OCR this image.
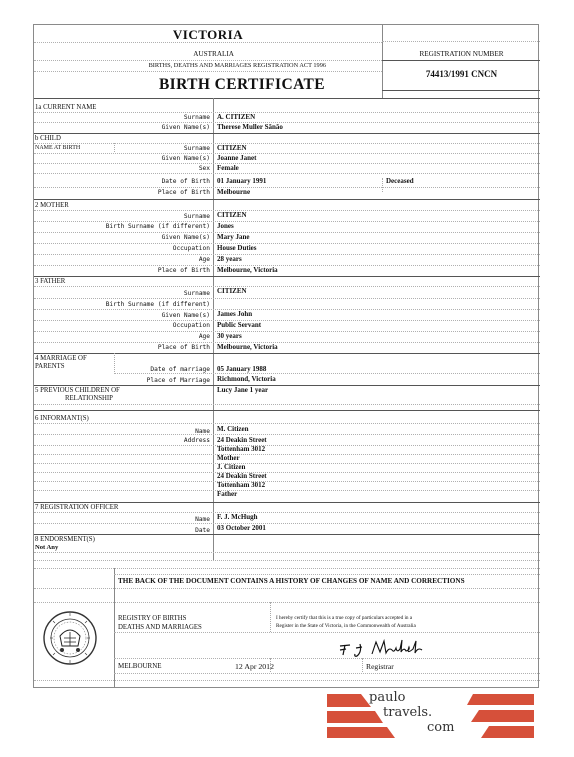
VICTORIA
AUSTRALIA
BIRTHS, DEATHS AND MARRIAGES REGISTRATION ACT 1996
BIRTH CERTIFICATE
REGISTRATION NUMBER
74413/1991 CNCN
1a CURRENT NAME
Surname A. CITIZEN
Given Name(s) Therese Muller Sãnão
b CHILD
NAME AT BIRTH	Surname CITIZEN
Given Name(s) Joanne Janet
Sex Female
Date of Birth 01 January 1991	Deceased
Place of Birth Melbourne
2 MOTHER
Surname CITIZEN
Birth Surname (if different) Jones
Given Name(s) Mary Jane
Occupation House Duties
Age 28 years
Place of Birth Melbourne, Victoria
3 FATHER
Surname CITIZEN
Birth Surname (if different)
Given Name(s) James John
Occupation Public Servant
Age 30 years
Place of Birth Melbourne, Victoria
4 MARRIAGE OF
PARENTS	Date of marriage 05 January 1988
Place of Marriage Richmond, Victoria
5 PREVIOUS CHILDREN OF
RELATIONSHIP
Lucy Jane 1 year
6 INFORMANT(S)
Name M. Citizen
Address 24 Deakin Street
Tottenham 3012
Mother
J. Citizen
24 Deakin Street
Tottenham 3012
Father
7 REGISTRATION OFFICER
Name F. J. McHugh
Date 03 October 2001
8 ENDORSMENT(S)
Not Any
THE BACK OF THE DOCUMENT CONTAINS A HISTORY OF CHANGES OF NAME AND CORRECTIONS
REGISTRY OF BIRTHS
DEATHS AND MARRIAGES
I hereby certify that this is a true copy of particulars accepted in a
Register in the State of Victoria, in the Commonwealth of Australia
MELBOURNE	12 Apr 2012	Registrar
paulo
travels.
com
